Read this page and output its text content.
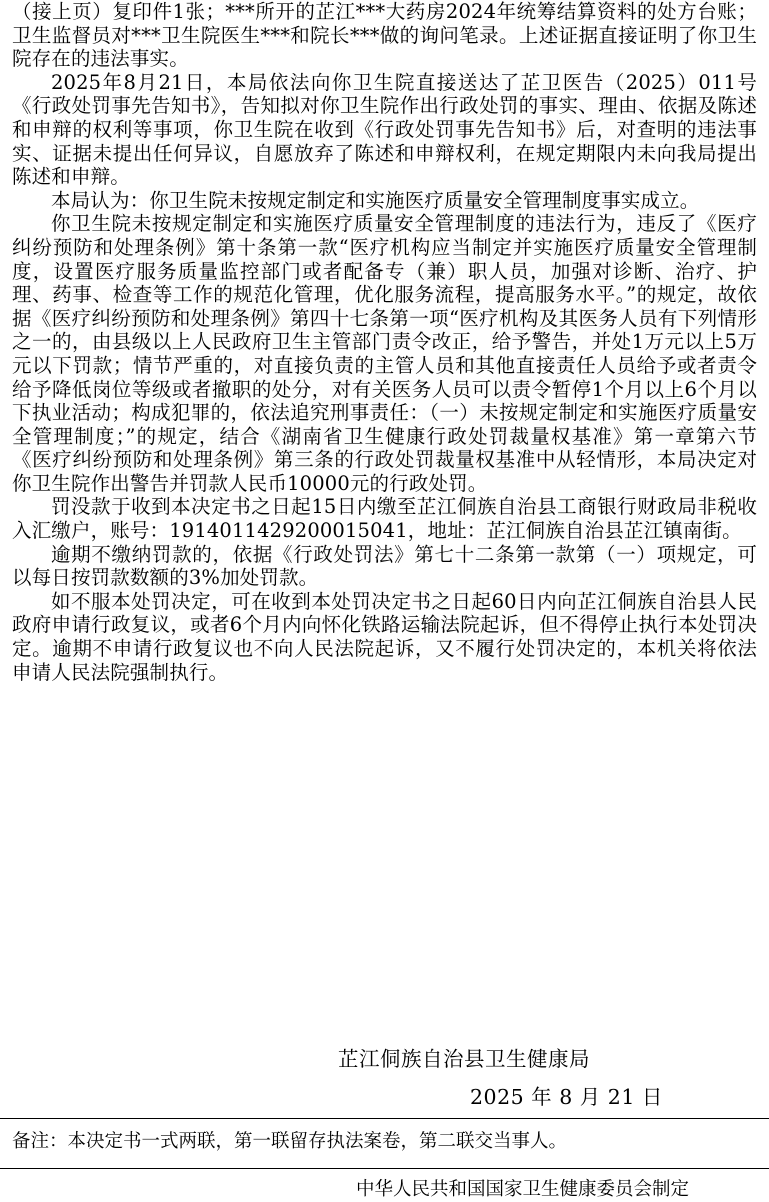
（接上页）复印件1张；***所开的芷江***大药房2024年统筹结算资料的处方台账；卫生监督员对***卫生院医生***和院长***做的询问笔录。上述证据直接证明了你卫生院存在的违法事实。

2025年8月21日，本局依法向你卫生院直接送达了芷卫医告（2025）011号《行政处罚事先告知书》，告知拟对你卫生院作出行政处罚的事实、理由、依据及陈述和申辩的权利等事项，你卫生院在收到《行政处罚事先告知书》后，对查明的违法事实、证据未提出任何异议，自愿放弃了陈述和申辩权利，在规定期限内未向我局提出陈述和申辩。

本局认为：你卫生院未按规定制定和实施医疗质量安全管理制度事实成立。

你卫生院未按规定制定和实施医疗质量安全管理制度的违法行为，违反了《医疗纠纷预防和处理条例》第十条第一款“医疗机构应当制定并实施医疗质量安全管理制度，设置医疗服务质量监控部门或者配备专（兼）职人员，加强对诊断、治疗、护理、药事、检查等工作的规范化管理，优化服务流程，提高服务水平。”的规定，故依据《医疗纠纷预防和处理条例》第四十七条第一项“医疗机构及其医务人员有下列情形之一的，由县级以上人民政府卫生主管部门责令改正，给予警告，并处1万元以上5万元以下罚款；情节严重的，对直接负责的主管人员和其他直接责任人员给予或者责令给予降低岗位等级或者撤职的处分，对有关医务人员可以责令暂停1个月以上6个月以下执业活动；构成犯罪的，依法追究刑事责任：（一）未按规定制定和实施医疗质量安全管理制度；”的规定，结合《湖南省卫生健康行政处罚裁量权基准》第一章第六节《医疗纠纷预防和处理条例》第三条的行政处罚裁量权基准中从轻情形，本局决定对你卫生院作出警告并罚款人民币10000元的行政处罚。

罚没款于收到本决定书之日起15日内缴至芷江侗族自治县工商银行财政局非税收入汇缴户，账号：1914011429200015041，地址：芷江侗族自治县芷江镇南街。

逾期不缴纳罚款的，依据《行政处罚法》第七十二条第一款第（一）项规定，可以每日按罚款数额的3%加处罚款。

如不服本处罚决定，可在收到本处罚决定书之日起60日内向芷江侗族自治县人民政府申请行政复议，或者6个月内向怀化铁路运输法院起诉，但不得停止执行本处罚决定。逾期不申请行政复议也不向人民法院起诉，又不履行处罚决定的，本机关将依法申请人民法院强制执行。

芷江侗族自治县卫生健康局
2025 年 8 月 21 日
备注：本决定书一式两联，第一联留存执法案卷，第二联交当事人。
中华人民共和国国家卫生健康委员会制定
